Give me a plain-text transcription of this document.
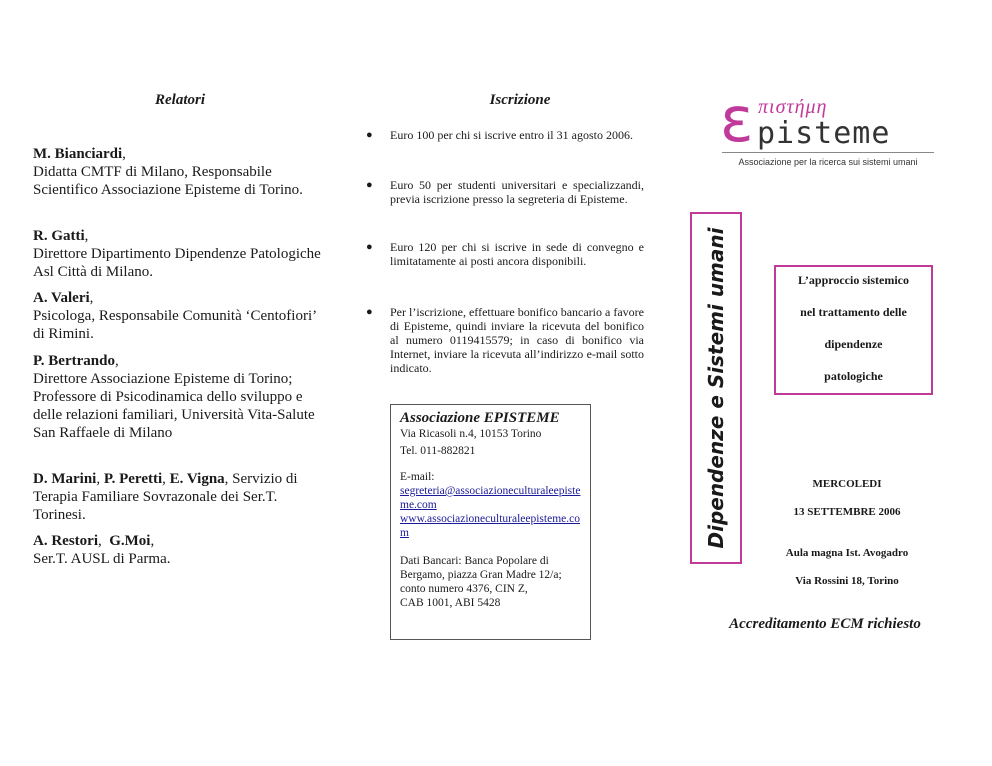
Relatori
M. Bianciardi,
Didatta CMTF di Milano, Responsabile Scientifico Associazione Episteme di Torino.
R. Gatti,
Direttore Dipartimento Dipendenze Patologiche Asl Città di Milano.
A. Valeri,
Psicologa, Responsabile Comunità ‘Centofiori’ di Rimini.
P. Bertrando,
Direttore Associazione Episteme di Torino; Professore di Psicodinamica dello sviluppo e delle relazioni familiari, Università Vita-Salute San Raffaele di Milano
D. Marini, P. Peretti, E. Vigna, Servizio di Terapia Familiare Sovrazonale dei Ser.T. Torinesi.
A. Restori,  G.Moi,
Ser.T. AUSL di Parma.
Iscrizione
● Euro 100 per chi si iscrive entro il 31 agosto 2006.
● Euro 50 per studenti universitari e specializzandi, previa iscrizione presso la segreteria di Episteme.
● Euro 120 per chi si iscrive in sede di convegno e limitatamente ai posti ancora disponibili.
● Per l’iscrizione, effettuare bonifico bancario a favore di Episteme, quindi inviare la ricevuta del bonifico al numero 0119415579; in caso di bonifico via Internet, inviare la ricevuta all’indirizzo e-mail sotto indicato.
Associazione EPISTEME
Via Ricasoli n.4, 10153 Torino
Tel. 011-882821
E-mail:
segreteria@associazioneculturaleepisteme.com
www.associazioneculturaleepisteme.com
Dati Bancari: Banca Popolare di
Bergamo, piazza Gran Madre 12/a;
conto numero 4376, CIN Z,
CAB 1001, ABI 5428
ε πιστήμη
pisteme
Associazione per la ricerca sui sistemi umani
Dipendenze e Sistemi umani	L’approccio sistemico
nel trattamento delle
dipendenze
patologiche
MERCOLEDI
13 SETTEMBRE 2006
Aula magna Ist. Avogadro
Via Rossini 18, Torino
Accreditamento ECM richiesto
